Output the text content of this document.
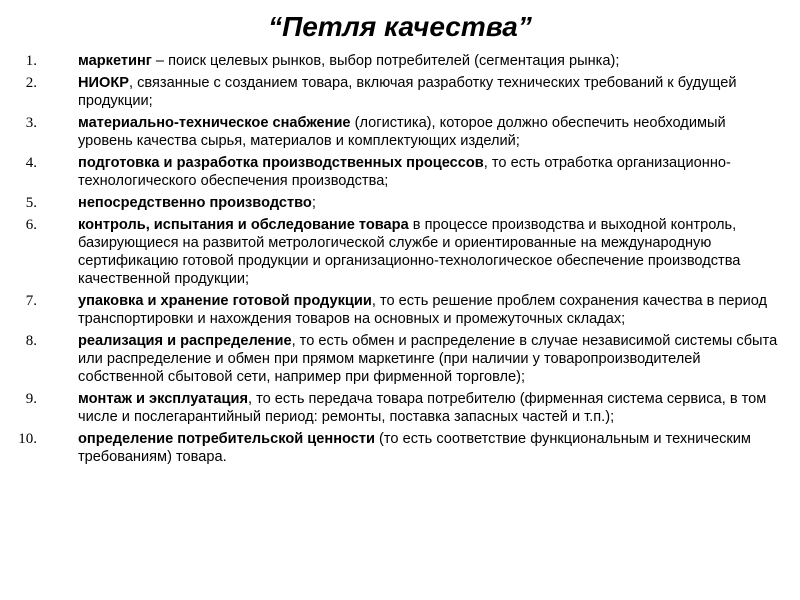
“Петля качества”
1.	маркетинг – поиск целевых рынков, выбор потребителей (сегментация рынка);
2.	НИОКР, связанные с созданием товара, включая разработку технических требований к будущей продукции;
3.	материально-техническое снабжение (логистика), которое должно обеспечить необходимый уровень качества сырья, материалов и комплектующих изделий;
4.	подготовка и разработка производственных процессов, то есть отработка организационно-технологического обеспечения производства;
5.	непосредственно производство;
6.	контроль, испытания и обследование товара в процессе производства и выходной контроль, базирующиеся на развитой метрологической службе и ориентированные на международную сертификацию готовой продукции и организационно-технологическое обеспечение производства качественной продукции;
7.	упаковка и хранение готовой продукции, то есть решение проблем сохранения качества в период транспортировки и нахождения товаров на основных и промежуточных складах;
8.	реализация и распределение, то есть обмен и распределение в случае независимой системы сбыта или распределение и обмен при прямом маркетинге (при наличии у товаропроизводителей собственной сбытовой сети, например при фирменной торговле);
9.	монтаж и эксплуатация, то есть передача товара потребителю (фирменная система сервиса, в том числе и послегарантийный период: ремонты, поставка запасных частей и т.п.);
10.	определение потребительской ценности (то есть соответствие функциональным и техническим требованиям) товара.
